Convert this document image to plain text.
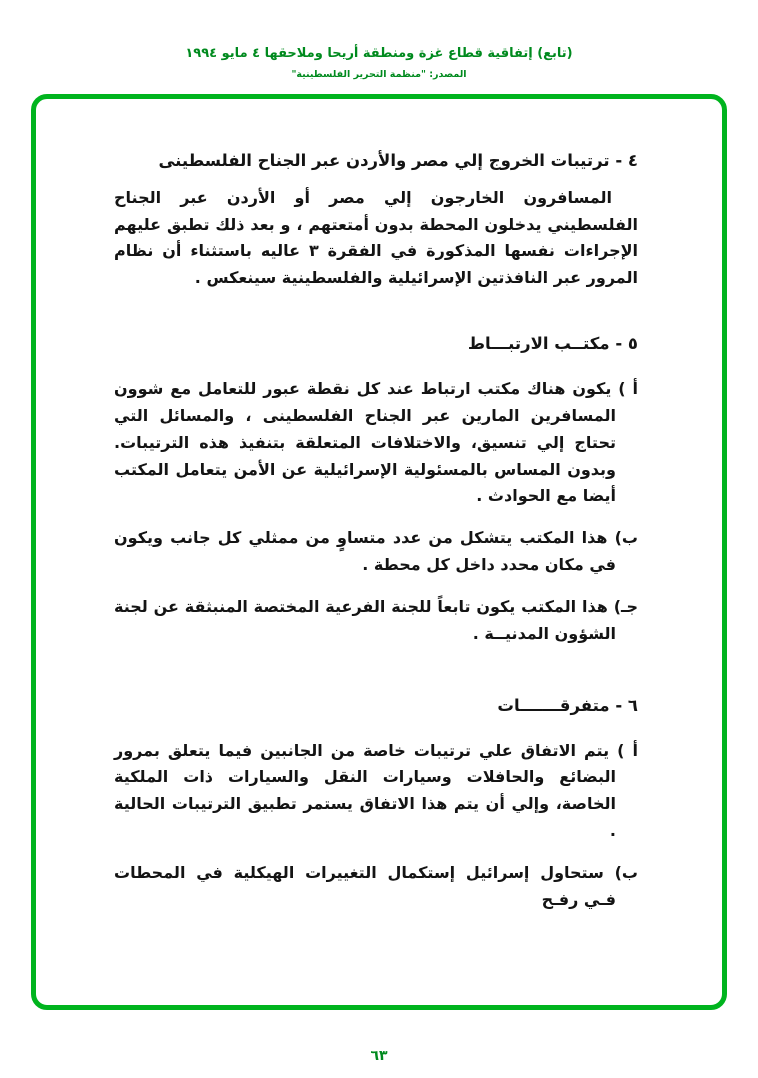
(تابع) إتفاقية قطاع غزة ومنطقة أريحا وملاحقها ٤ مايو ١٩٩٤
المصدر: "منظمة التحرير الفلسطينية"
٤ - ترتيبات الخروج إلي مصر والأردن عبر الجناح الفلسطينى

المسافرون الخارجون إلي مصر أو الأردن عبر الجناح الفلسطيني يدخلون المحطة بدون أمتعتهم ، و بعد ذلك تطبق عليهم الإجراءات نفسها المذكورة في الفقرة ٣ عاليه باستثناء أن نظام المرور عبر النافذتين الإسرائيلية والفلسطينية سينعكس .

٥ - مكتــب الارتبـــاط

أ ) يكون هناك مكتب ارتباط عند كل نقطة عبور للتعامل مع شوون المسافرين المارين عبر الجناح الفلسطينى ، والمسائل التي تحتاج إلي تنسيق، والاختلافات المتعلقة بتنفيذ هذه الترتيبات. وبدون المساس بالمسئولية الإسرائيلية عن الأمن يتعامل المكتب أيضا مع الحوادث .

ب) هذا المكتب يتشكل من عدد متساوٍ من ممثلي كل جانب ويكون في مكان محدد داخل كل محطة .

جـ) هذا المكتب يكون تابعاً للجنة الفرعية المختصة المنبثقة عن لجنة الشؤون المدنيــة .

٦ - متفرقـــــــات

أ ) يتم الاتفاق علي ترتيبات خاصة من الجانبين فيما يتعلق بمرور البضائع والحافلات وسيارات النقل والسيارات ذات الملكية الخاصة، وإلي أن يتم هذا الاتفاق يستمر تطبيق الترتيبات الحالية .

ب) ستحاول إسرائيل إستكمال التغييرات الهيكلية في المحطات فـي رفـح

٦٣
